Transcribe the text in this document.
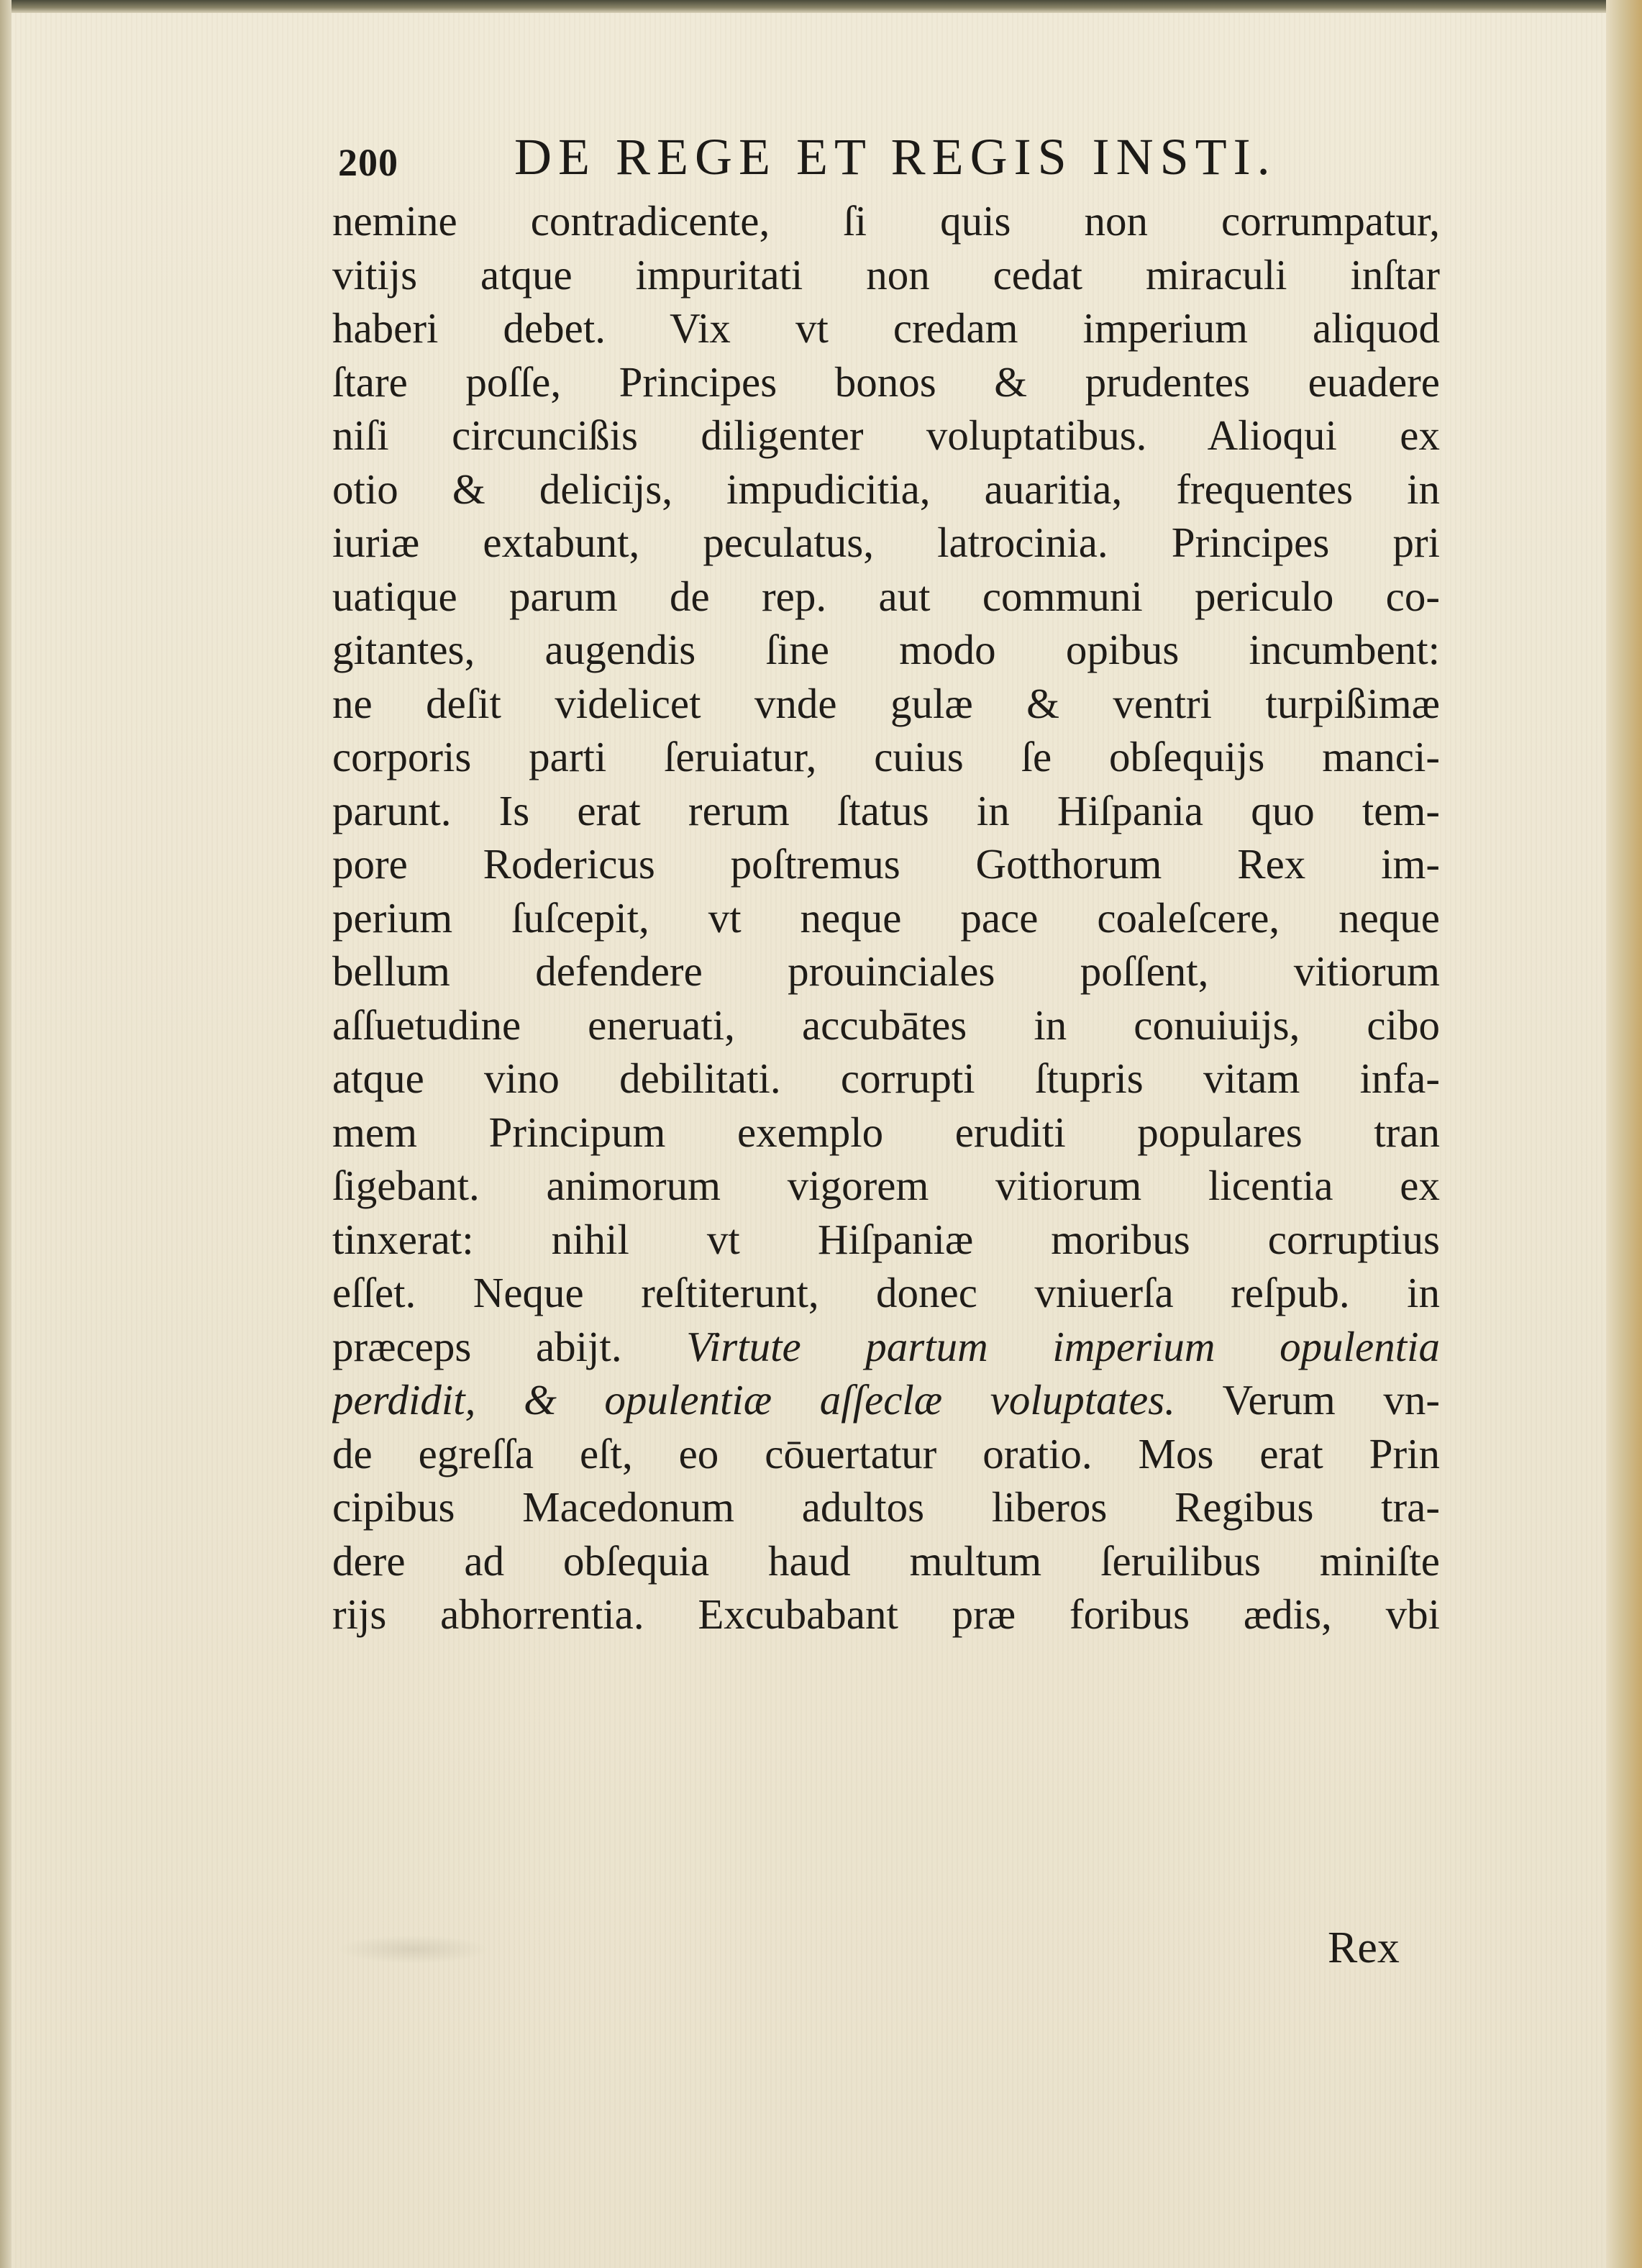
200 DE REGE ET REGIS INSTI.
nemine contradicente, ſi quis non corrumpatur,
vitijs atque impuritati non cedat miraculi inſtar
haberi debet. Vix vt credam imperium aliquod
ſtare poſſe, Principes bonos & prudentes euadere
niſi circuncißis diligenter voluptatibus. Alioqui ex
otio & delicijs, impudicitia, auaritia, frequentes in
iuriæ extabunt, peculatus, latrocinia. Principes pri
uatique parum de rep. aut communi periculo co-
gitantes, augendis ſine modo opibus incumbent:
ne deſit videlicet vnde gulæ & ventri turpißimæ
corporis parti ſeruiatur, cuius ſe obſequijs manci-
parunt. Is erat rerum ſtatus in Hiſpania quo tem-
pore Rodericus poſtremus Gotthorum Rex im-
perium ſuſcepit, vt neque pace coaleſcere, neque
bellum defendere prouinciales poſſent, vitiorum
aſſuetudine eneruati, accubātes in conuiuijs, cibo
atque vino debilitati. corrupti ſtupris vitam infa-
mem Principum exemplo eruditi populares tran
ſigebant. animorum vigorem vitiorum licentia ex
tinxerat: nihil vt Hiſpaniæ moribus corruptius
eſſet. Neque reſtiterunt, donec vniuerſa reſpub. in
præceps abijt. Virtute partum imperium opulentia
perdidit, & opulentiæ aſſeclæ voluptates. Verum vn-
de egreſſa eſt, eo cōuertatur oratio. Mos erat Prin
cipibus Macedonum adultos liberos Regibus tra-
dere ad obſequia haud multum ſeruilibus miniſte
rijs abhorrentia. Excubabant præ foribus ædis, vbi
Rex
